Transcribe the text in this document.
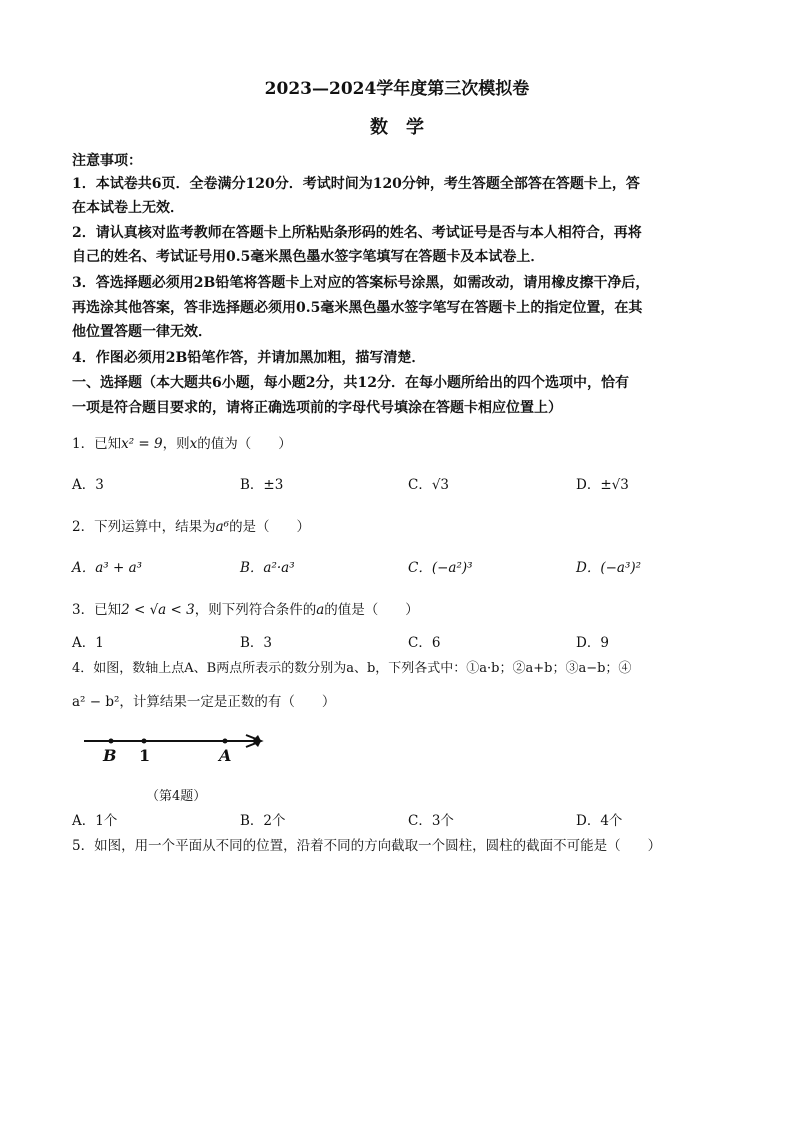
2023—2024学年度第三次模拟卷
数　学
注意事项：
1．本试卷共6页．全卷满分120分．考试时间为120分钟，考生答题全部答在答题卡上，答
在本试卷上无效．
2．请认真核对监考教师在答题卡上所粘贴条形码的姓名、考试证号是否与本人相符合，再将
自己的姓名、考试证号用0.5毫米黑色墨水签字笔填写在答题卡及本试卷上．
3．答选择题必须用2B铅笔将答题卡上对应的答案标号涂黑，如需改动，请用橡皮擦干净后，
再选涂其他答案，答非选择题必须用0.5毫米黑色墨水签字笔写在答题卡上的指定位置，在其
他位置答题一律无效．
4．作图必须用2B铅笔作答，并请加黑加粗，描写清楚．
一、选择题（本大题共6小题，每小题2分，共12分．在每小题所给出的四个选项中，恰有
一项是符合题目要求的，请将正确选项前的字母代号填涂在答题卡相应位置上）
1．已知x² = 9，则x的值为（　　）
A．3	B．±3	C．√3	D．±√3
2．下列运算中，结果为a⁶的是（　　）
A．a³ + a³	B．a²·a³	C．(−a²)³	D．(−a³)²
3．已知2 < √a < 3，则下列符合条件的a的值是（　　）
A．1	B．3	C．6	D．9
4．如图，数轴上点A、B两点所表示的数分别为a、b，下列各式中：①a·b；②a+b；③a−b；④
a² − b²，计算结果一定是正数的有（　　）
B 1	A
（第4题）
A．1个	B．2个	C．3个	D．4个
5．如图，用一个平面从不同的位置，沿着不同的方向截取一个圆柱，圆柱的截面不可能是（　　）
